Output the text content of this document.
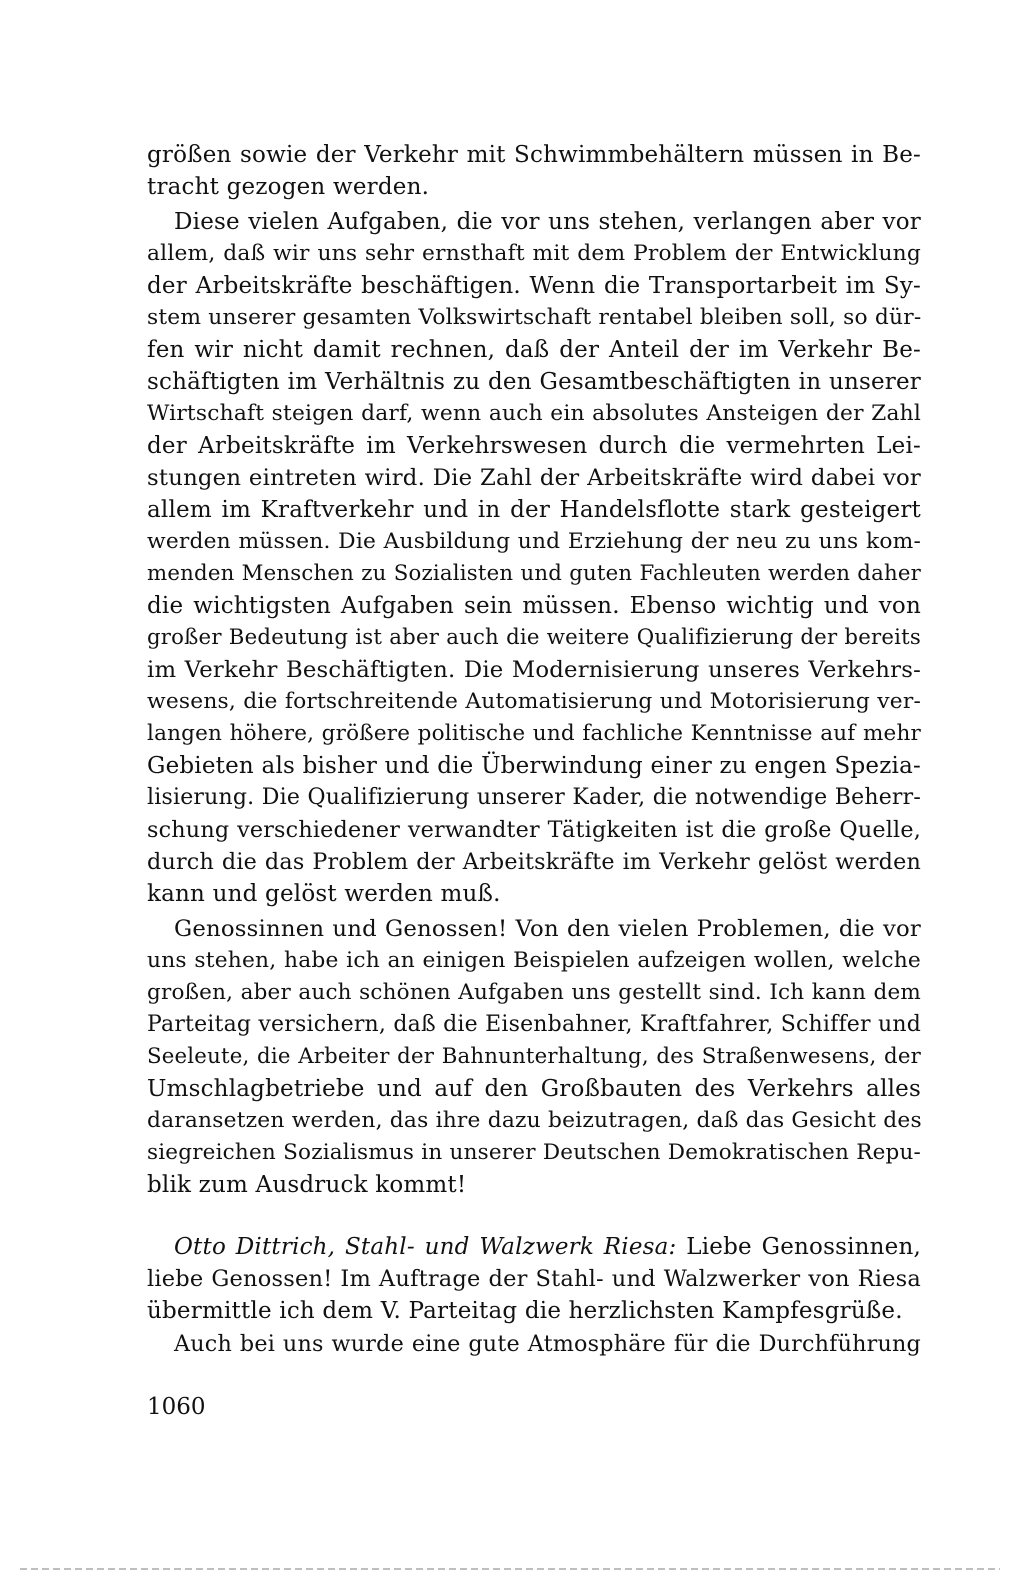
größen sowie der Verkehr mit Schwimmbehältern müssen in Be-
tracht gezogen werden.
Diese vielen Aufgaben, die vor uns stehen, verlangen aber vor
allem, daß wir uns sehr ernsthaft mit dem Problem der Entwicklung
der Arbeitskräfte beschäftigen. Wenn die Transportarbeit im Sy-
stem unserer gesamten Volkswirtschaft rentabel bleiben soll, so dür-
fen wir nicht damit rechnen, daß der Anteil der im Verkehr Be-
schäftigten im Verhältnis zu den Gesamtbeschäftigten in unserer
Wirtschaft steigen darf, wenn auch ein absolutes Ansteigen der Zahl
der Arbeitskräfte im Verkehrswesen durch die vermehrten Lei-
stungen eintreten wird. Die Zahl der Arbeitskräfte wird dabei vor
allem im Kraftverkehr und in der Handelsflotte stark gesteigert
werden müssen. Die Ausbildung und Erziehung der neu zu uns kom-
menden Menschen zu Sozialisten und guten Fachleuten werden daher
die wichtigsten Aufgaben sein müssen. Ebenso wichtig und von
großer Bedeutung ist aber auch die weitere Qualifizierung der bereits
im Verkehr Beschäftigten. Die Modernisierung unseres Verkehrs-
wesens, die fortschreitende Automatisierung und Motorisierung ver-
langen höhere, größere politische und fachliche Kenntnisse auf mehr
Gebieten als bisher und die Überwindung einer zu engen Spezia-
lisierung. Die Qualifizierung unserer Kader, die notwendige Beherr-
schung verschiedener verwandter Tätigkeiten ist die große Quelle,
durch die das Problem der Arbeitskräfte im Verkehr gelöst werden
kann und gelöst werden muß.
Genossinnen und Genossen! Von den vielen Problemen, die vor
uns stehen, habe ich an einigen Beispielen aufzeigen wollen, welche
großen, aber auch schönen Aufgaben uns gestellt sind. Ich kann dem
Parteitag versichern, daß die Eisenbahner, Kraftfahrer, Schiffer und
Seeleute, die Arbeiter der Bahnunterhaltung, des Straßenwesens, der
Umschlagbetriebe und auf den Großbauten des Verkehrs alles
daransetzen werden, das ihre dazu beizutragen, daß das Gesicht des
siegreichen Sozialismus in unserer Deutschen Demokratischen Repu-
blik zum Ausdruck kommt!
Otto Dittrich, Stahl- und Walzwerk Riesa: Liebe Genossinnen,
liebe Genossen! Im Auftrage der Stahl- und Walzwerker von Riesa
übermittle ich dem V. Parteitag die herzlichsten Kampfesgrüße.
Auch bei uns wurde eine gute Atmosphäre für die Durchführung
1060
